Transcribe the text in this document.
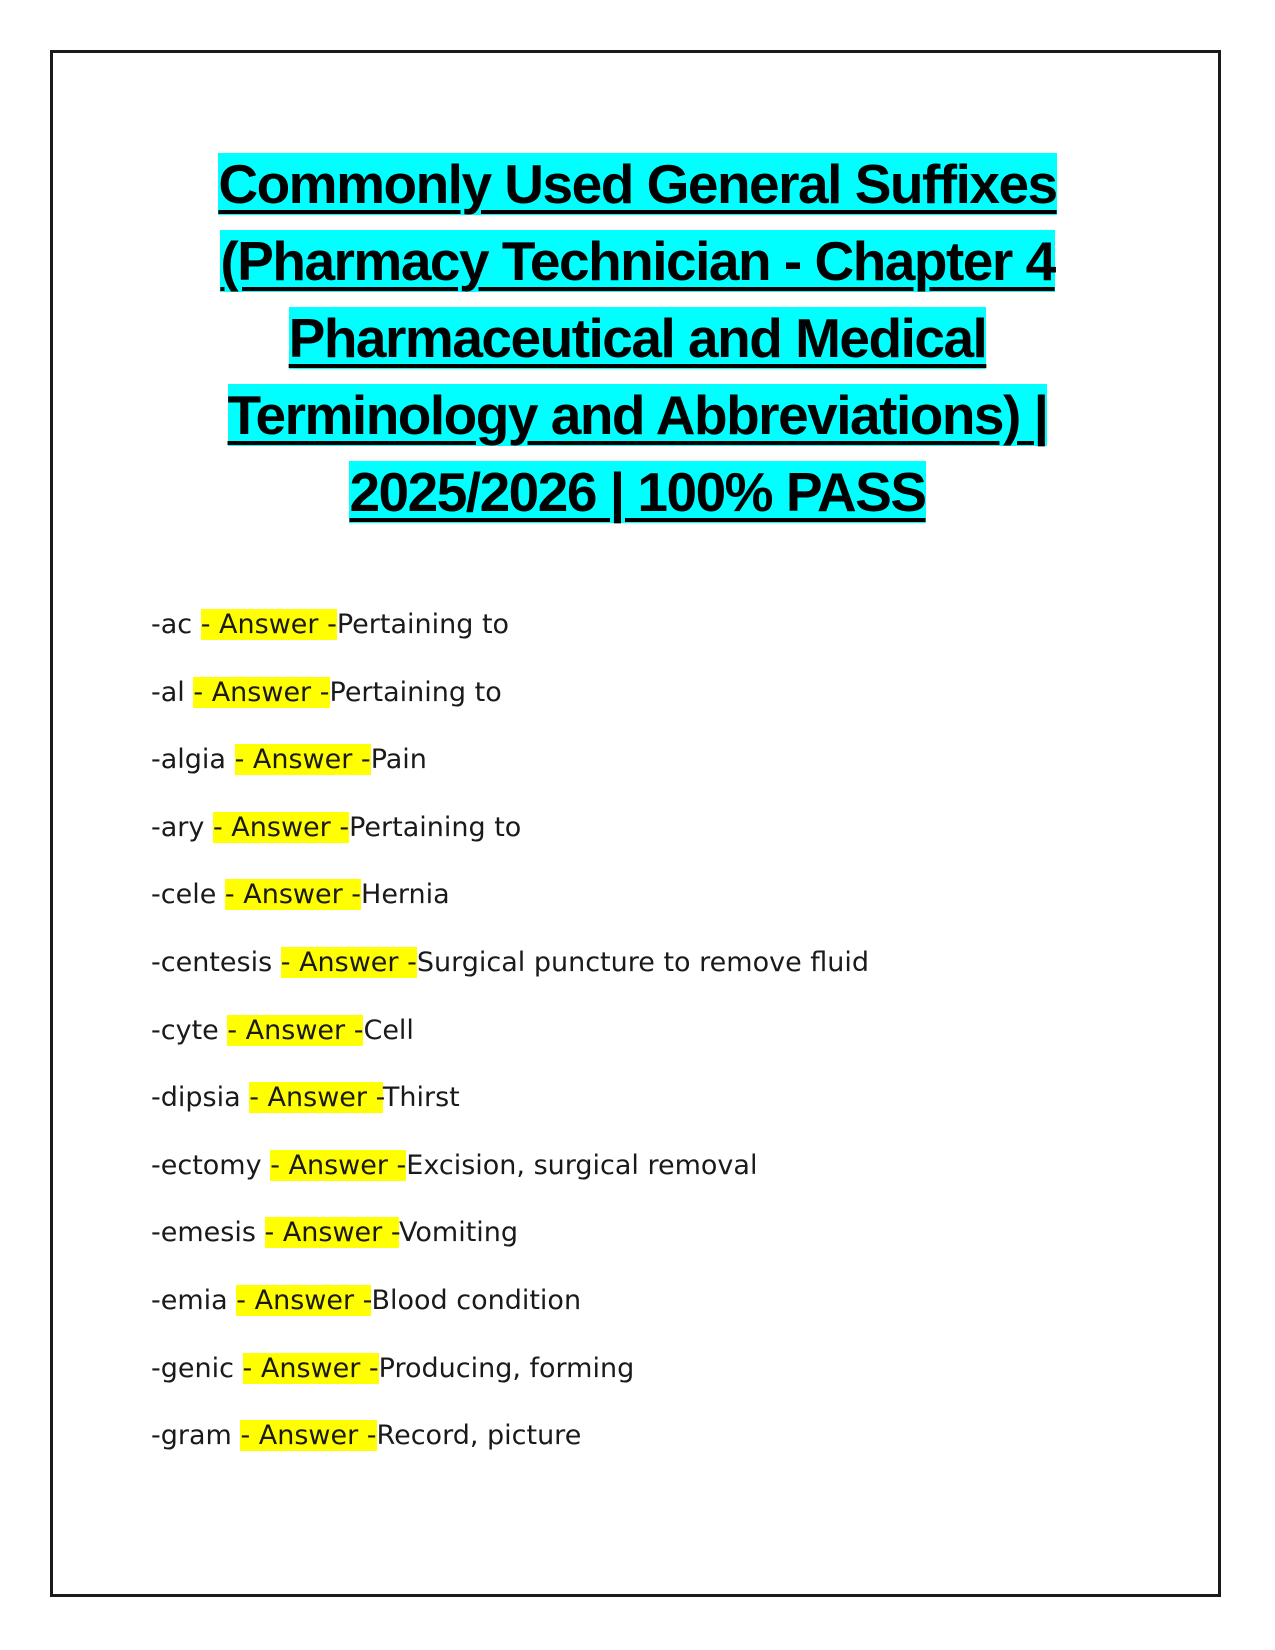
Commonly Used General Suffixes (Pharmacy Technician - Chapter 4 Pharmaceutical and Medical Terminology and Abbreviations) | 2025/2026 | 100% PASS
-ac - Answer -Pertaining to
-al - Answer -Pertaining to
-algia - Answer -Pain
-ary - Answer -Pertaining to
-cele - Answer -Hernia
-centesis - Answer -Surgical puncture to remove fluid
-cyte - Answer -Cell
-dipsia - Answer -Thirst
-ectomy - Answer -Excision, surgical removal
-emesis - Answer -Vomiting
-emia - Answer -Blood condition
-genic - Answer -Producing, forming
-gram - Answer -Record, picture
